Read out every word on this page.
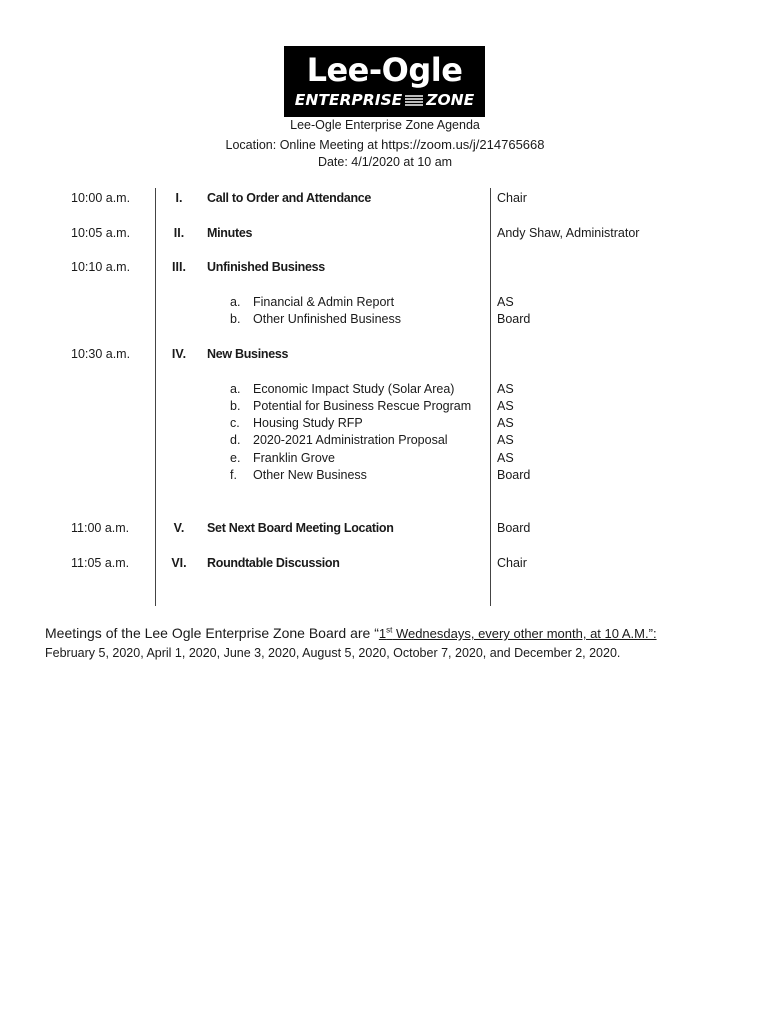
Lee-Ogle
ENTERPRISE ZONE
Lee-Ogle Enterprise Zone Agenda
Location: Online Meeting at https://zoom.us/j/214765668
Date: 4/1/2020 at 10 am
10:00 a.m.	I.	Call to Order and Attendance	Chair
10:05 a.m.	II.	Minutes	Andy Shaw, Administrator
10:10 a.m.	III.	Unfinished Business
a. Financial & Admin Report	AS
b. Other Unfinished Business	Board
10:30 a.m.	IV.	New Business
a. Economic Impact Study (Solar Area)	AS
b. Potential for Business Rescue Program AS
c. Housing Study RFP	AS
d. 2020-2021 Administration Proposal	AS
e. Franklin Grove	AS
f. Other New Business	Board
11:00 a.m.	V.	Set Next Board Meeting Location	Board
11:05 a.m.	VI.	Roundtable Discussion	Chair
Meetings of the Lee Ogle Enterprise Zone Board are “1st Wednesdays, every other month, at 10 A.M.”:
February 5, 2020, April 1, 2020, June 3, 2020, August 5, 2020, October 7, 2020, and December 2, 2020.
